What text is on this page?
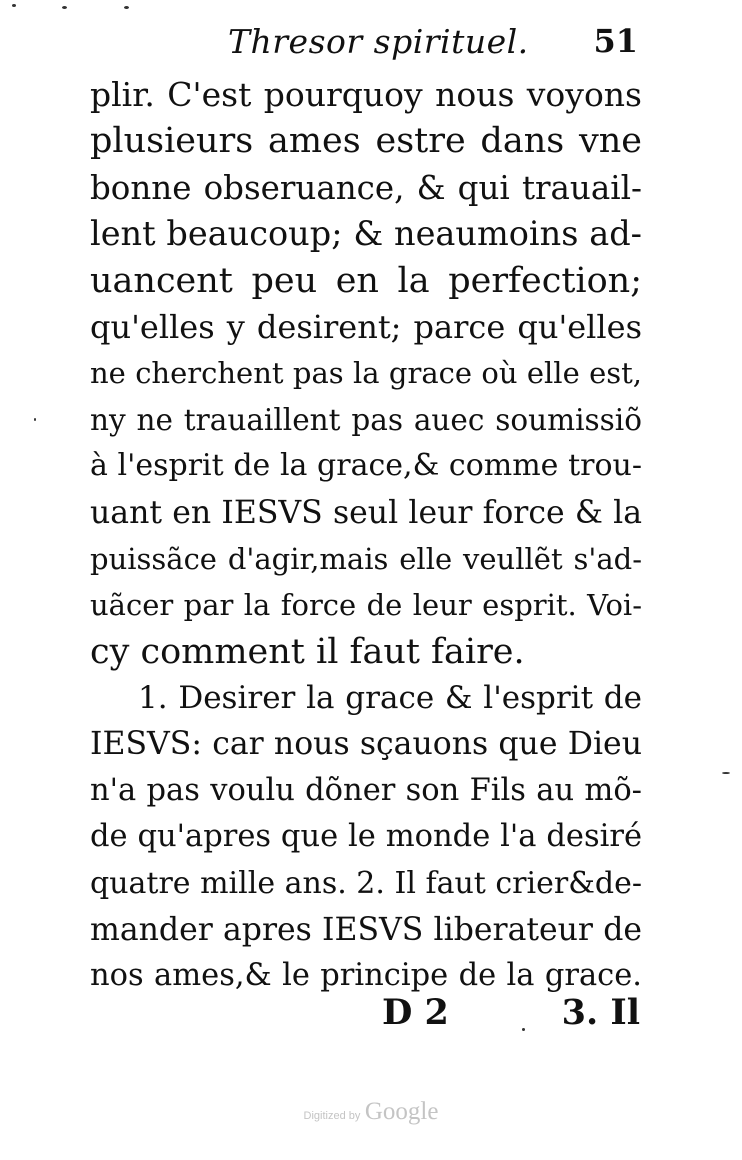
Thresor spirituel. 51
plir. C'est pourquoy nous voyons
plusieurs ames estre dans vne
bonne obseruance, & qui trauail-
lent beaucoup; & neaumoins ad-
uancent peu en la perfection;
qu'elles y desirent; parce qu'elles
ne cherchent pas la grace où elle est,
ny ne trauaillent pas auec soumissiõ
à l'esprit de la grace,& comme trou-
uant en IESVS seul leur force & la
puissãce d'agir,mais elle veullẽt s'ad-
uãcer par la force de leur esprit. Voi-
cy comment il faut faire.
1. Desirer la grace & l'esprit de
IESVS: car nous sçauons que Dieu
n'a pas voulu dõner son Fils au mõ-
de qu'apres que le monde l'a desiré
quatre mille ans. 2. Il faut crier&de-
mander apres IESVS liberateur de
nos ames,& le principe de la grace.
D 2	3. Il
Digitized by Google
